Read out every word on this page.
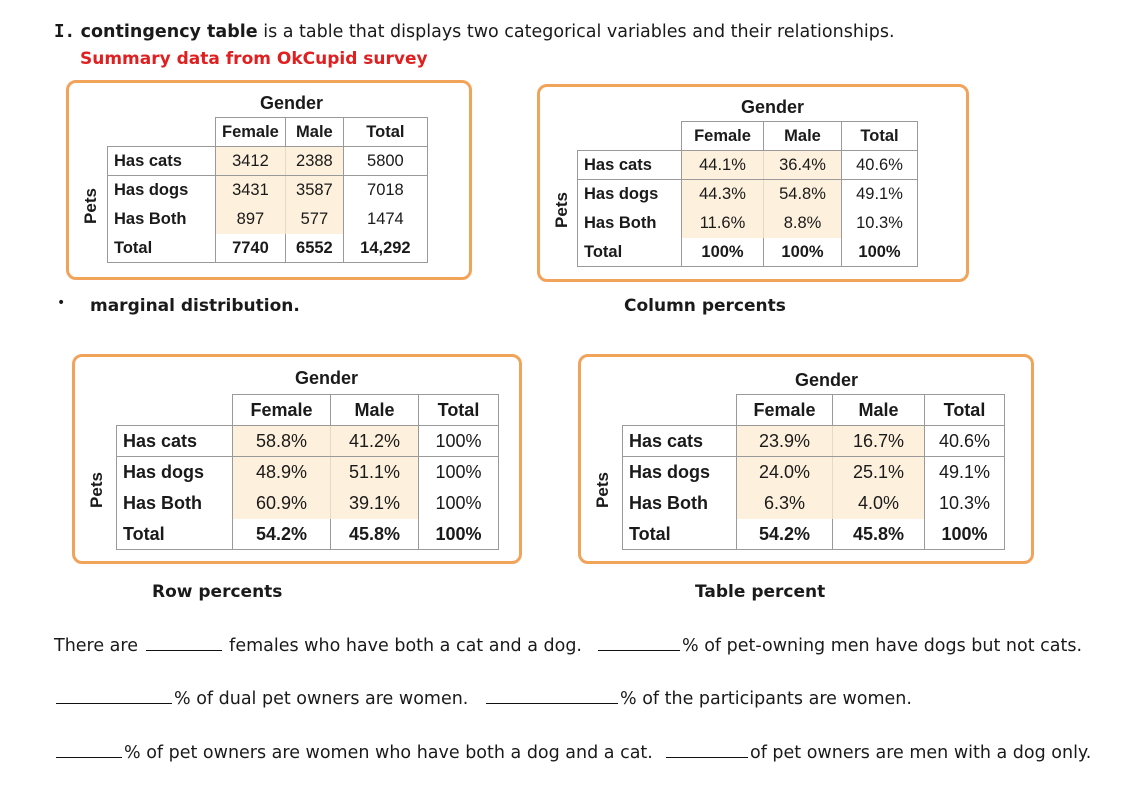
I. contingency table is a table that displays two categorical variables and their relationships.
Summary data from OkCupid survey
Gender
Pets
	Female	Male	Total
Has cats	3412	2388	5800
Has dogs	3431	3587	7018
Has Both	897	577	1474
Total	7740	6552	14,292
Gender
Pets
	Female	Male	Total
Has cats	44.1%	36.4%	40.6%
Has dogs	44.3%	54.8%	49.1%
Has Both	11.6%	8.8%	10.3%
Total	100%	100%	100%
• marginal distribution.	Column percents
Gender
Pets
	Female	Male	Total
Has cats	58.8%	41.2%	100%
Has dogs	48.9%	51.1%	100%
Has Both	60.9%	39.1%	100%
Total	54.2%	45.8%	100%
Gender
Pets
	Female	Male	Total
Has cats	23.9%	16.7%	40.6%
Has dogs	24.0%	25.1%	49.1%
Has Both	6.3%	4.0%	10.3%
Total	54.2%	45.8%	100%
Row percents	Table percent
There are	females who have both a cat and a dog.	% of pet-owning men have dogs but not cats.
% of dual pet owners are women.	% of the participants are women.
% of pet owners are women who have both a dog and a cat.	of pet owners are men with a dog only.
